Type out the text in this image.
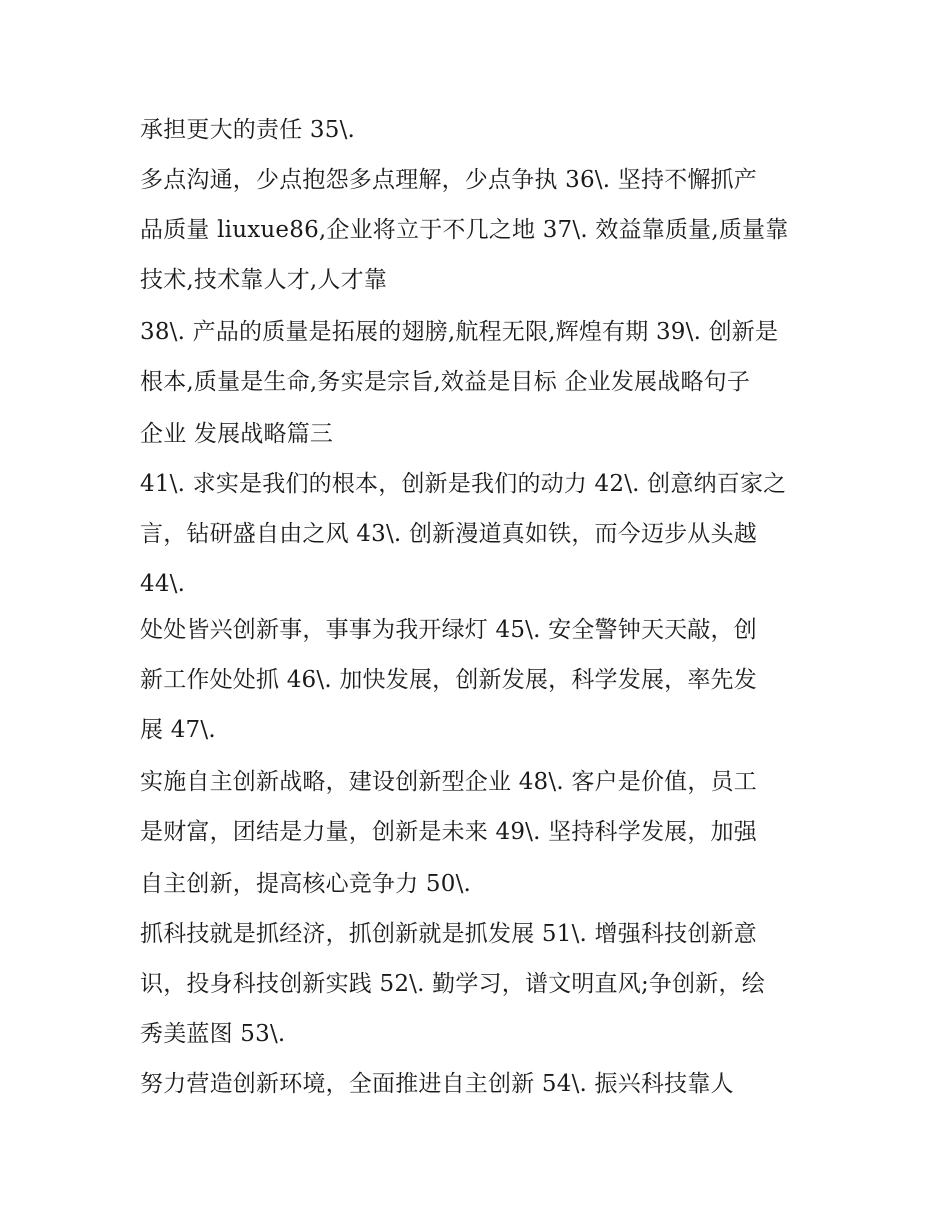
承担更大的责任 35\.
多点沟通，少点抱怨多点理解，少点争执 36\. 坚持不懈抓产
品质量 liuxue86,企业将立于不几之地 37\. 效益靠质量,质量靠
技术,技术靠人才,人才靠
38\. 产品的质量是拓展的翅膀,航程无限,辉煌有期 39\. 创新是
根本,质量是生命,务实是宗旨,效益是目标 企业发展战略句子
企业 发展战略篇三
41\. 求实是我们的根本，创新是我们的动力 42\. 创意纳百家之
言，钻研盛自由之风 43\. 创新漫道真如铁，而今迈步从头越
44\.
处处皆兴创新事，事事为我开绿灯 45\. 安全警钟天天敲，创
新工作处处抓 46\. 加快发展，创新发展，科学发展，率先发
展 47\.
实施自主创新战略，建设创新型企业 48\. 客户是价值，员工
是财富，团结是力量，创新是未来 49\. 坚持科学发展，加强
自主创新，提高核心竞争力 50\.
抓科技就是抓经济，抓创新就是抓发展 51\. 增强科技创新意
识，投身科技创新实践 52\. 勤学习，谱文明直风;争创新，绘
秀美蓝图 53\.
努力营造创新环境，全面推进自主创新 54\. 振兴科技靠人
